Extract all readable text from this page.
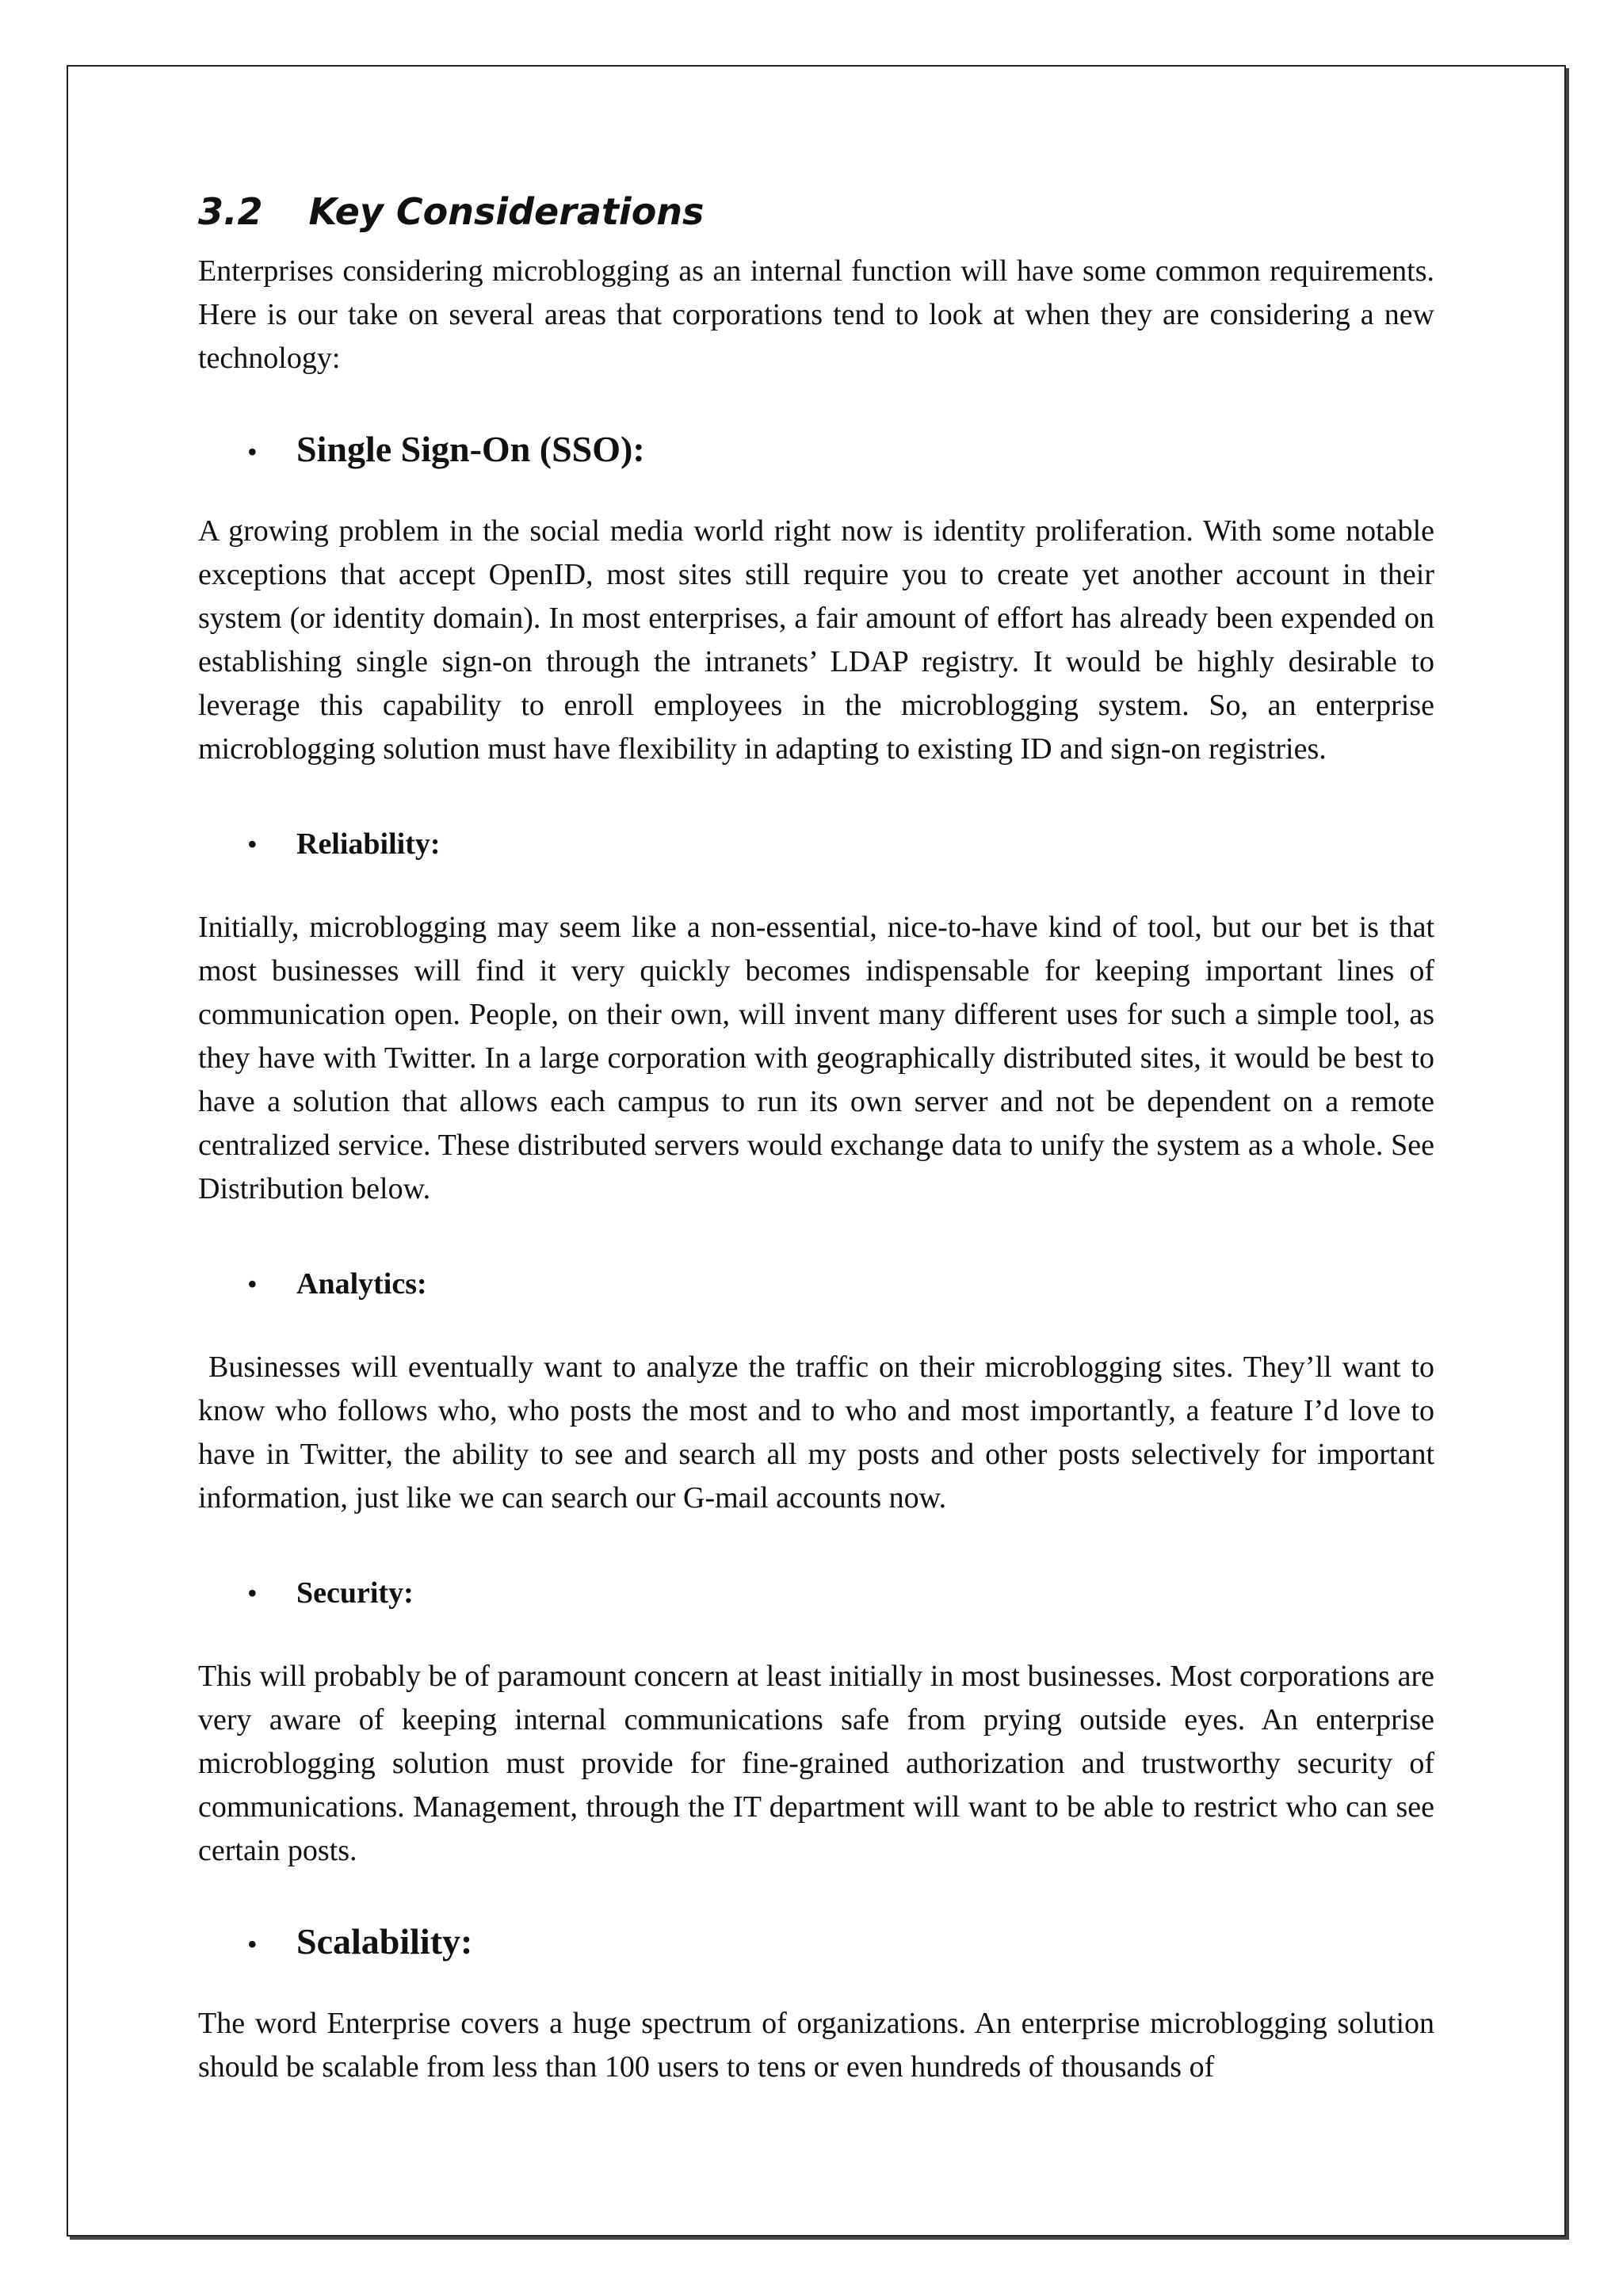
3.2 Key Considerations

Enterprises considering microblogging as an internal function will have some common requirements. Here is our take on several areas that corporations tend to look at when they are considering a new technology:

•	Single Sign-On (SSO):

A growing problem in the social media world right now is identity proliferation. With some notable exceptions that accept OpenID, most sites still require you to create yet another account in their system (or identity domain). In most enterprises, a fair amount of effort has already been expended on establishing single sign-on through the intranets’ LDAP registry. It would be highly desirable to leverage this capability to enroll employees in the microblogging system. So, an enterprise microblogging solution must have flexibility in adapting to existing ID and sign-on registries.

•	Reliability:

Initially, microblogging may seem like a non-essential, nice-to-have kind of tool, but our bet is that most businesses will find it very quickly becomes indispensable for keeping important lines of communication open. People, on their own, will invent many different uses for such a simple tool, as they have with Twitter. In a large corporation with geographically distributed sites, it would be best to have a solution that allows each campus to run its own server and not be dependent on a remote centralized service. These distributed servers would exchange data to unify the system as a whole. See Distribution below.

•	Analytics:

Businesses will eventually want to analyze the traffic on their microblogging sites. They’ll want to know who follows who, who posts the most and to who and most importantly, a feature I’d love to have in Twitter, the ability to see and search all my posts and other posts selectively for important information, just like we can search our G-mail accounts now.

•	Security:

This will probably be of paramount concern at least initially in most businesses. Most corporations are very aware of keeping internal communications safe from prying outside eyes. An enterprise microblogging solution must provide for fine-grained authorization and trustworthy security of communications. Management, through the IT department will want to be able to restrict who can see certain posts.

•	Scalability:

The word Enterprise covers a huge spectrum of organizations. An enterprise microblogging solution should be scalable from less than 100 users to tens or even hundreds of thousands of
